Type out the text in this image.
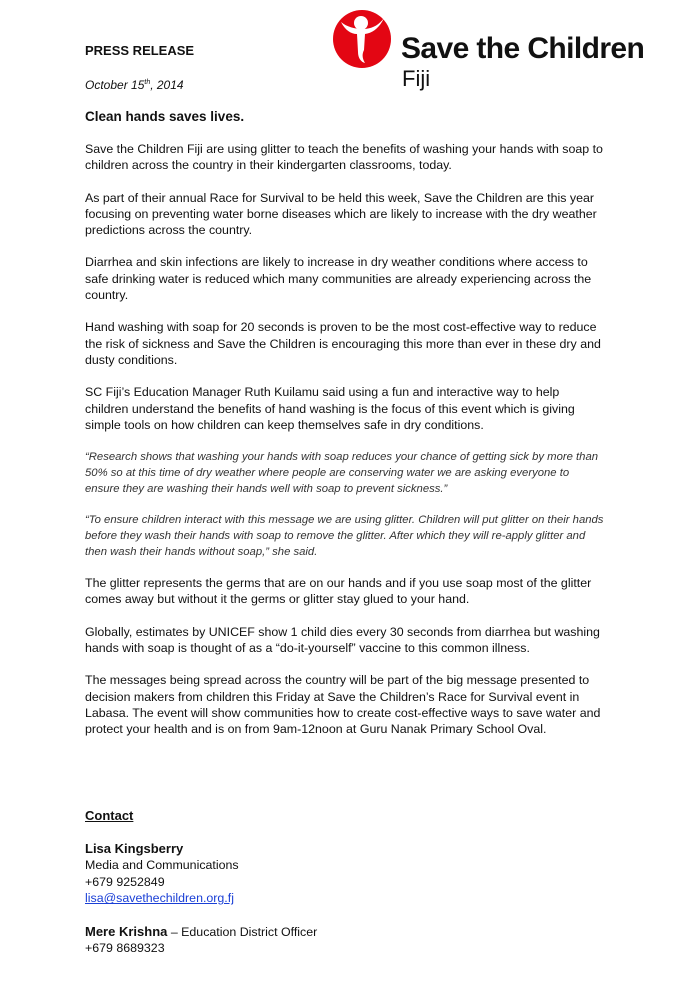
Save the Children
Fiji
PRESS RELEASE
October 15th, 2014
Clean hands saves lives.

Save the Children Fiji are using glitter to teach the benefits of washing your hands with soap to children across the country in their kindergarten classrooms, today.

As part of their annual Race for Survival to be held this week, Save the Children are this year focusing on preventing water borne diseases which are likely to increase with the dry weather predictions across the country.

Diarrhea and skin infections are likely to increase in dry weather conditions where access to safe drinking water is reduced which many communities are already experiencing across the country.

Hand washing with soap for 20 seconds is proven to be the most cost-effective way to reduce the risk of sickness and Save the Children is encouraging this more than ever in these dry and dusty conditions.

SC Fiji’s Education Manager Ruth Kuilamu said using a fun and interactive way to help children understand the benefits of hand washing is the focus of this event which is giving simple tools on how children can keep themselves safe in dry conditions.

“Research shows that washing your hands with soap reduces your chance of getting sick by more than 50% so at this time of dry weather where people are conserving water we are asking everyone to ensure they are washing their hands well with soap to prevent sickness.”

“To ensure children interact with this message we are using glitter. Children will put glitter on their hands before they wash their hands with soap to remove the glitter. After which they will re-apply glitter and then wash their hands without soap,” she said.

The glitter represents the germs that are on our hands and if you use soap most of the glitter comes away but without it the germs or glitter stay glued to your hand.

Globally, estimates by UNICEF show 1 child dies every 30 seconds from diarrhea but washing hands with soap is thought of as a “do-it-yourself” vaccine to this common illness.

The messages being spread across the country will be part of the big message presented to decision makers from children this Friday at Save the Children’s Race for Survival event in Labasa. The event will show communities how to create cost-effective ways to save water and protect your health and is on from 9am-12noon at Guru Nanak Primary School Oval.

Contact
Lisa Kingsberry
Media and Communications
+679 9252849
lisa@savethechildren.org.fj
Mere Krishna – Education District Officer
+679 8689323
